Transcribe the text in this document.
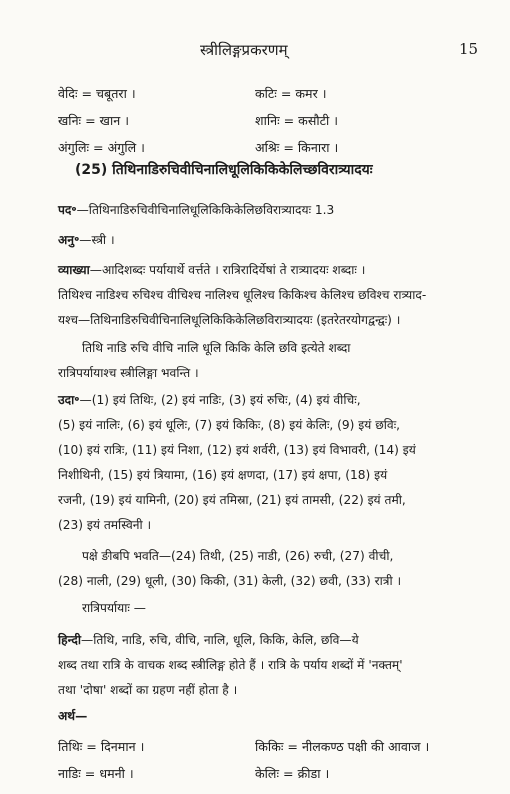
स्त्रीलिङ्गप्रकरणम्	15
वेदिः = चबूतरा ।	कटिः = कमर ।
खनिः = खान ।	शानिः = कसौटी ।
अंगुलिः = अंगुलि ।	अश्रिः = किनारा ।
(25) तिथिनाडिरुचिवीचिनालिधूलिकिकिकेलिच्छविरात्र्यादयः
पद॰—तिथिनाडिरुचिवीचिनालिधूलिकिकिकेलिछविरात्र्यादयः 1.3
अनु॰—स्त्री ।
व्याख्या—आदिशब्दः पर्यायार्थे वर्त्तते । रात्रिरादिर्येषां ते रात्र्यादयः शब्दाः ।
तिथिश्च नाडिश्च रुचिश्च वीचिश्च नालिश्च धूलिश्च किकिश्च केलिश्च छविश्च रात्र्याद-
यश्च—तिथिनाडिरुचिवीचिनालिधूलिकिकिकेलिछविरात्र्यादयः (इतरेतरयोगद्वन्द्वः) ।
तिथि नाडि रुचि वीचि नालि धूलि किकि केलि छवि इत्येते शब्दा
रात्रिपर्यायाश्च स्त्रीलिङ्गा भवन्ति ।
उदा॰—(1) इयं तिथिः, (2) इयं नाडिः, (3) इयं रुचिः, (4) इयं वीचिः,
(5) इयं नालिः, (6) इयं धूलिः, (7) इयं किकिः, (8) इयं केलिः, (9) इयं छविः,
(10) इयं रात्रिः, (11) इयं निशा, (12) इयं शर्वरी, (13) इयं विभावरी, (14) इयं
निशीथिनी, (15) इयं त्रियामा, (16) इयं क्षणदा, (17) इयं क्षपा, (18) इयं
रजनी, (19) इयं यामिनी, (20) इयं तमिस्रा, (21) इयं तामसी, (22) इयं तमी,
(23) इयं तमस्विनी ।
पक्षे ङीबपि भवति—(24) तिथी, (25) नाडी, (26) रुची, (27) वीची,
(28) नाली, (29) धूली, (30) किकी, (31) केली, (32) छवी, (33) रात्री ।
रात्रिपर्यायाः —
हिन्दी—तिथि, नाडि, रुचि, वीचि, नालि, धूलि, किकि, केलि, छवि—ये
शब्द तथा रात्रि के वाचक शब्द स्त्रीलिङ्ग होते हैं । रात्रि के पर्याय शब्दों में 'नक्तम्'
तथा 'दोषा' शब्दों का ग्रहण नहीं होता है ।
अर्थ—
तिथिः = दिनमान ।	किकिः = नीलकण्ठ पक्षी की आवाज ।
नाडिः = धमनी ।	केलिः = क्रीडा ।
